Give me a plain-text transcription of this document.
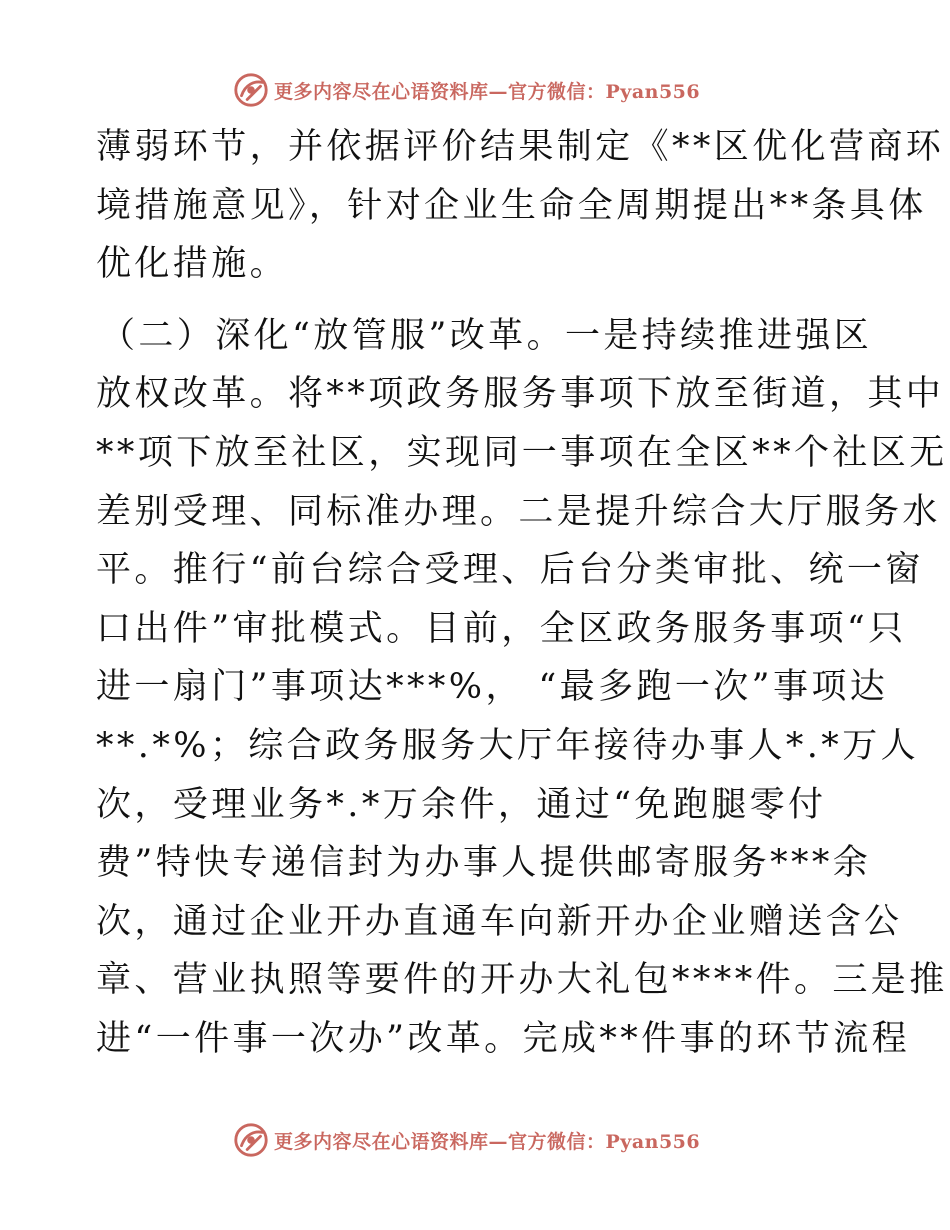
更多内容尽在心语资料库—官方微信：Pyan556
薄弱环节，并依据评价结果制定《**区优化营商环
境措施意见》，针对企业生命全周期提出**条具体
优化措施。
（二）深化“放管服”改革。一是持续推进强区
放权改革。将**项政务服务事项下放至街道，其中
**项下放至社区，实现同一事项在全区**个社区无
差别受理、同标准办理。二是提升综合大厅服务水
平。推行“前台综合受理、后台分类审批、统一窗
口出件”审批模式。目前，全区政务服务事项“只
进一扇门”事项达***%， “最多跑一次”事项达
**.*%；综合政务服务大厅年接待办事人*.*万人
次，受理业务*.*万余件，通过“免跑腿零付
费”特快专递信封为办事人提供邮寄服务***余
次，通过企业开办直通车向新开办企业赠送含公
章、营业执照等要件的开办大礼包****件。三是推
进“一件事一次办”改革。完成**件事的环节流程
更多内容尽在心语资料库—官方微信：Pyan556
